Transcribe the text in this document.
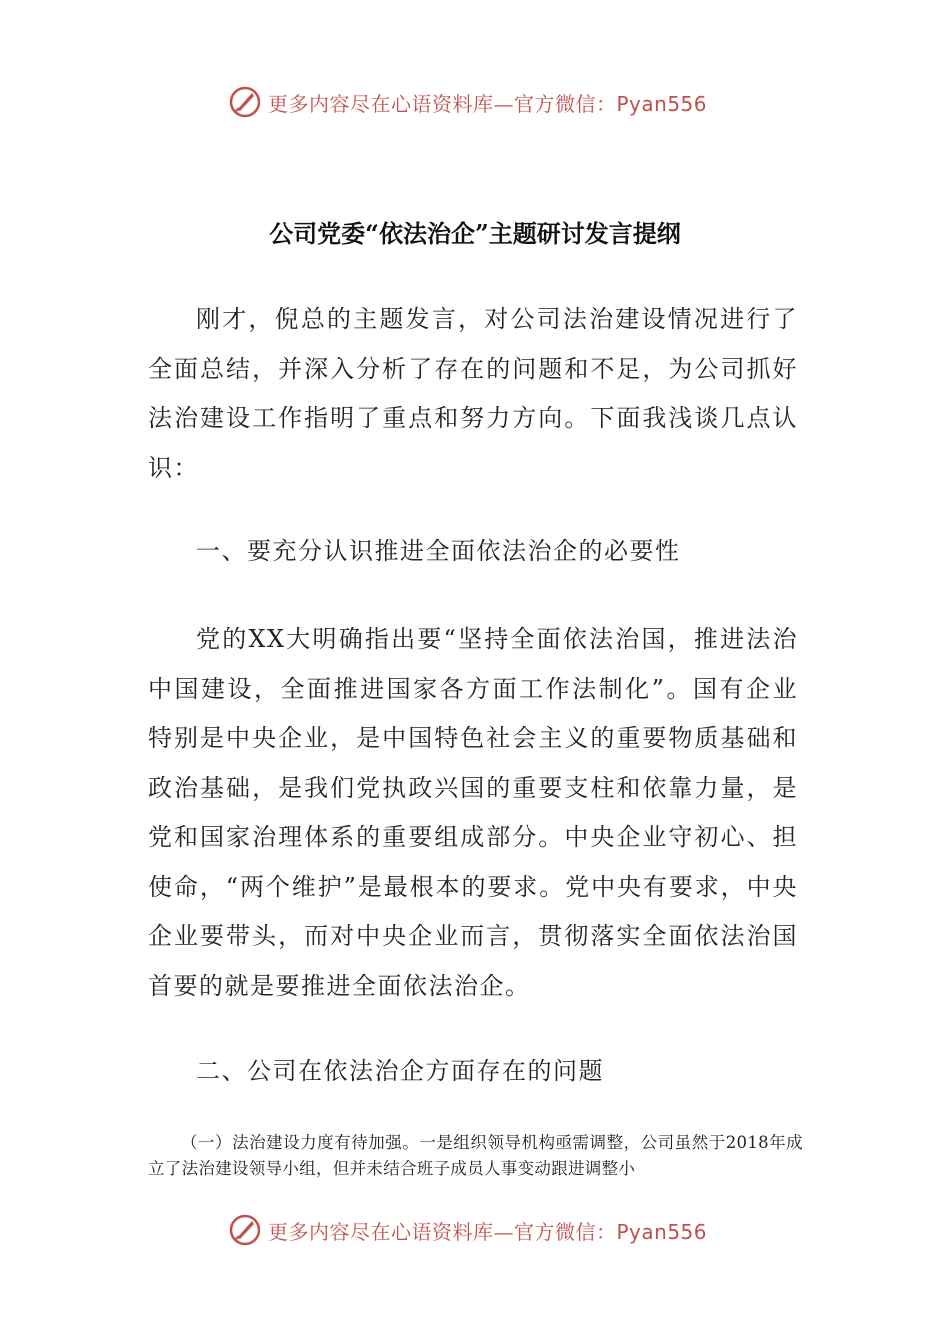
更多内容尽在心语资料库—官方微信：Pyan556
公司党委“依法治企”主题研讨发言提纲

刚才，倪总的主题发言，对公司法治建设情况进行了全面总结，并深入分析了存在的问题和不足，为公司抓好法治建设工作指明了重点和努力方向。下面我浅谈几点认识：

一、要充分认识推进全面依法治企的必要性

党的XX大明确指出要“坚持全面依法治国，推进法治中国建设，全面推进国家各方面工作法制化”。国有企业特别是中央企业，是中国特色社会主义的重要物质基础和政治基础，是我们党执政兴国的重要支柱和依靠力量，是党和国家治理体系的重要组成部分。中央企业守初心、担使命，“两个维护”是最根本的要求。党中央有要求，中央企业要带头，而对中央企业而言，贯彻落实全面依法治国首要的就是要推进全面依法治企。

二、公司在依法治企方面存在的问题

（一）法治建设力度有待加强。一是组织领导机构亟需调整，公司虽然于2018年成立了法治建设领导小组，但并未结合班子成员人事变动跟进调整小

更多内容尽在心语资料库—官方微信：Pyan556
